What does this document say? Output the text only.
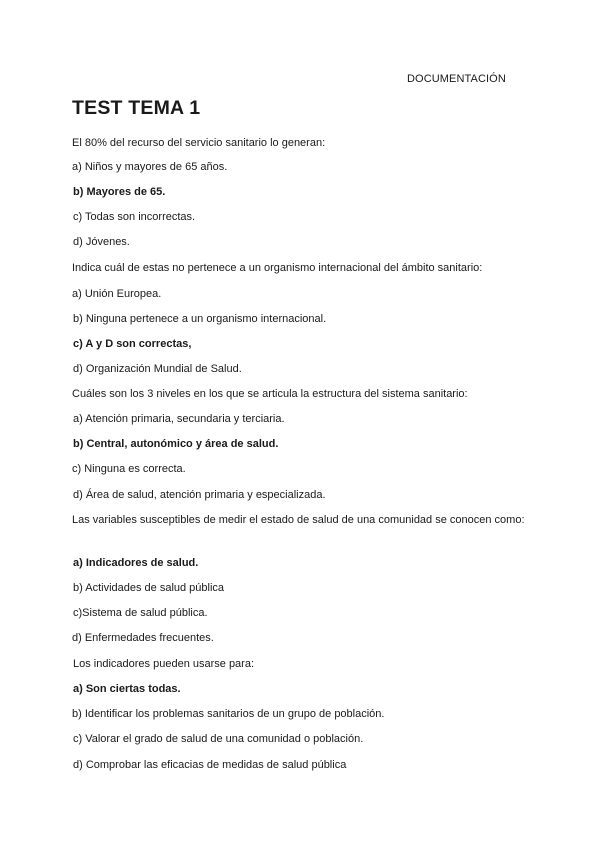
DOCUMENTACIÓN
TEST TEMA 1
El 80% del recurso del servicio sanitario lo generan:
a) Niños y mayores de 65 años.
b) Mayores de 65.
c) Todas son incorrectas.
d) Jóvenes.
Indica cuál de estas no pertenece a un organismo internacional del ámbito sanitario:
a) Unión Europea.
b) Ninguna pertenece a un organismo internacional.
c) A y D son correctas,
d) Organización Mundial de Salud.
Cuáles son los 3 niveles en los que se articula la estructura del sistema sanitario:
a) Atención primaria, secundaria y terciaria.
b) Central, autonómico y área de salud.
c) Ninguna es correcta.
d) Área de salud, atención primaria y especializada.
Las variables susceptibles de medir el estado de salud de una comunidad se conocen como:
a) Indicadores de salud.
b) Actividades de salud pública
c)Sistema de salud pública.
d) Enfermedades frecuentes.
Los indicadores pueden usarse para:
a) Son ciertas todas.
b) Identificar los problemas sanitarios de un grupo de población.
c) Valorar el grado de salud de una comunidad o población.
d) Comprobar las eficacias de medidas de salud pública
